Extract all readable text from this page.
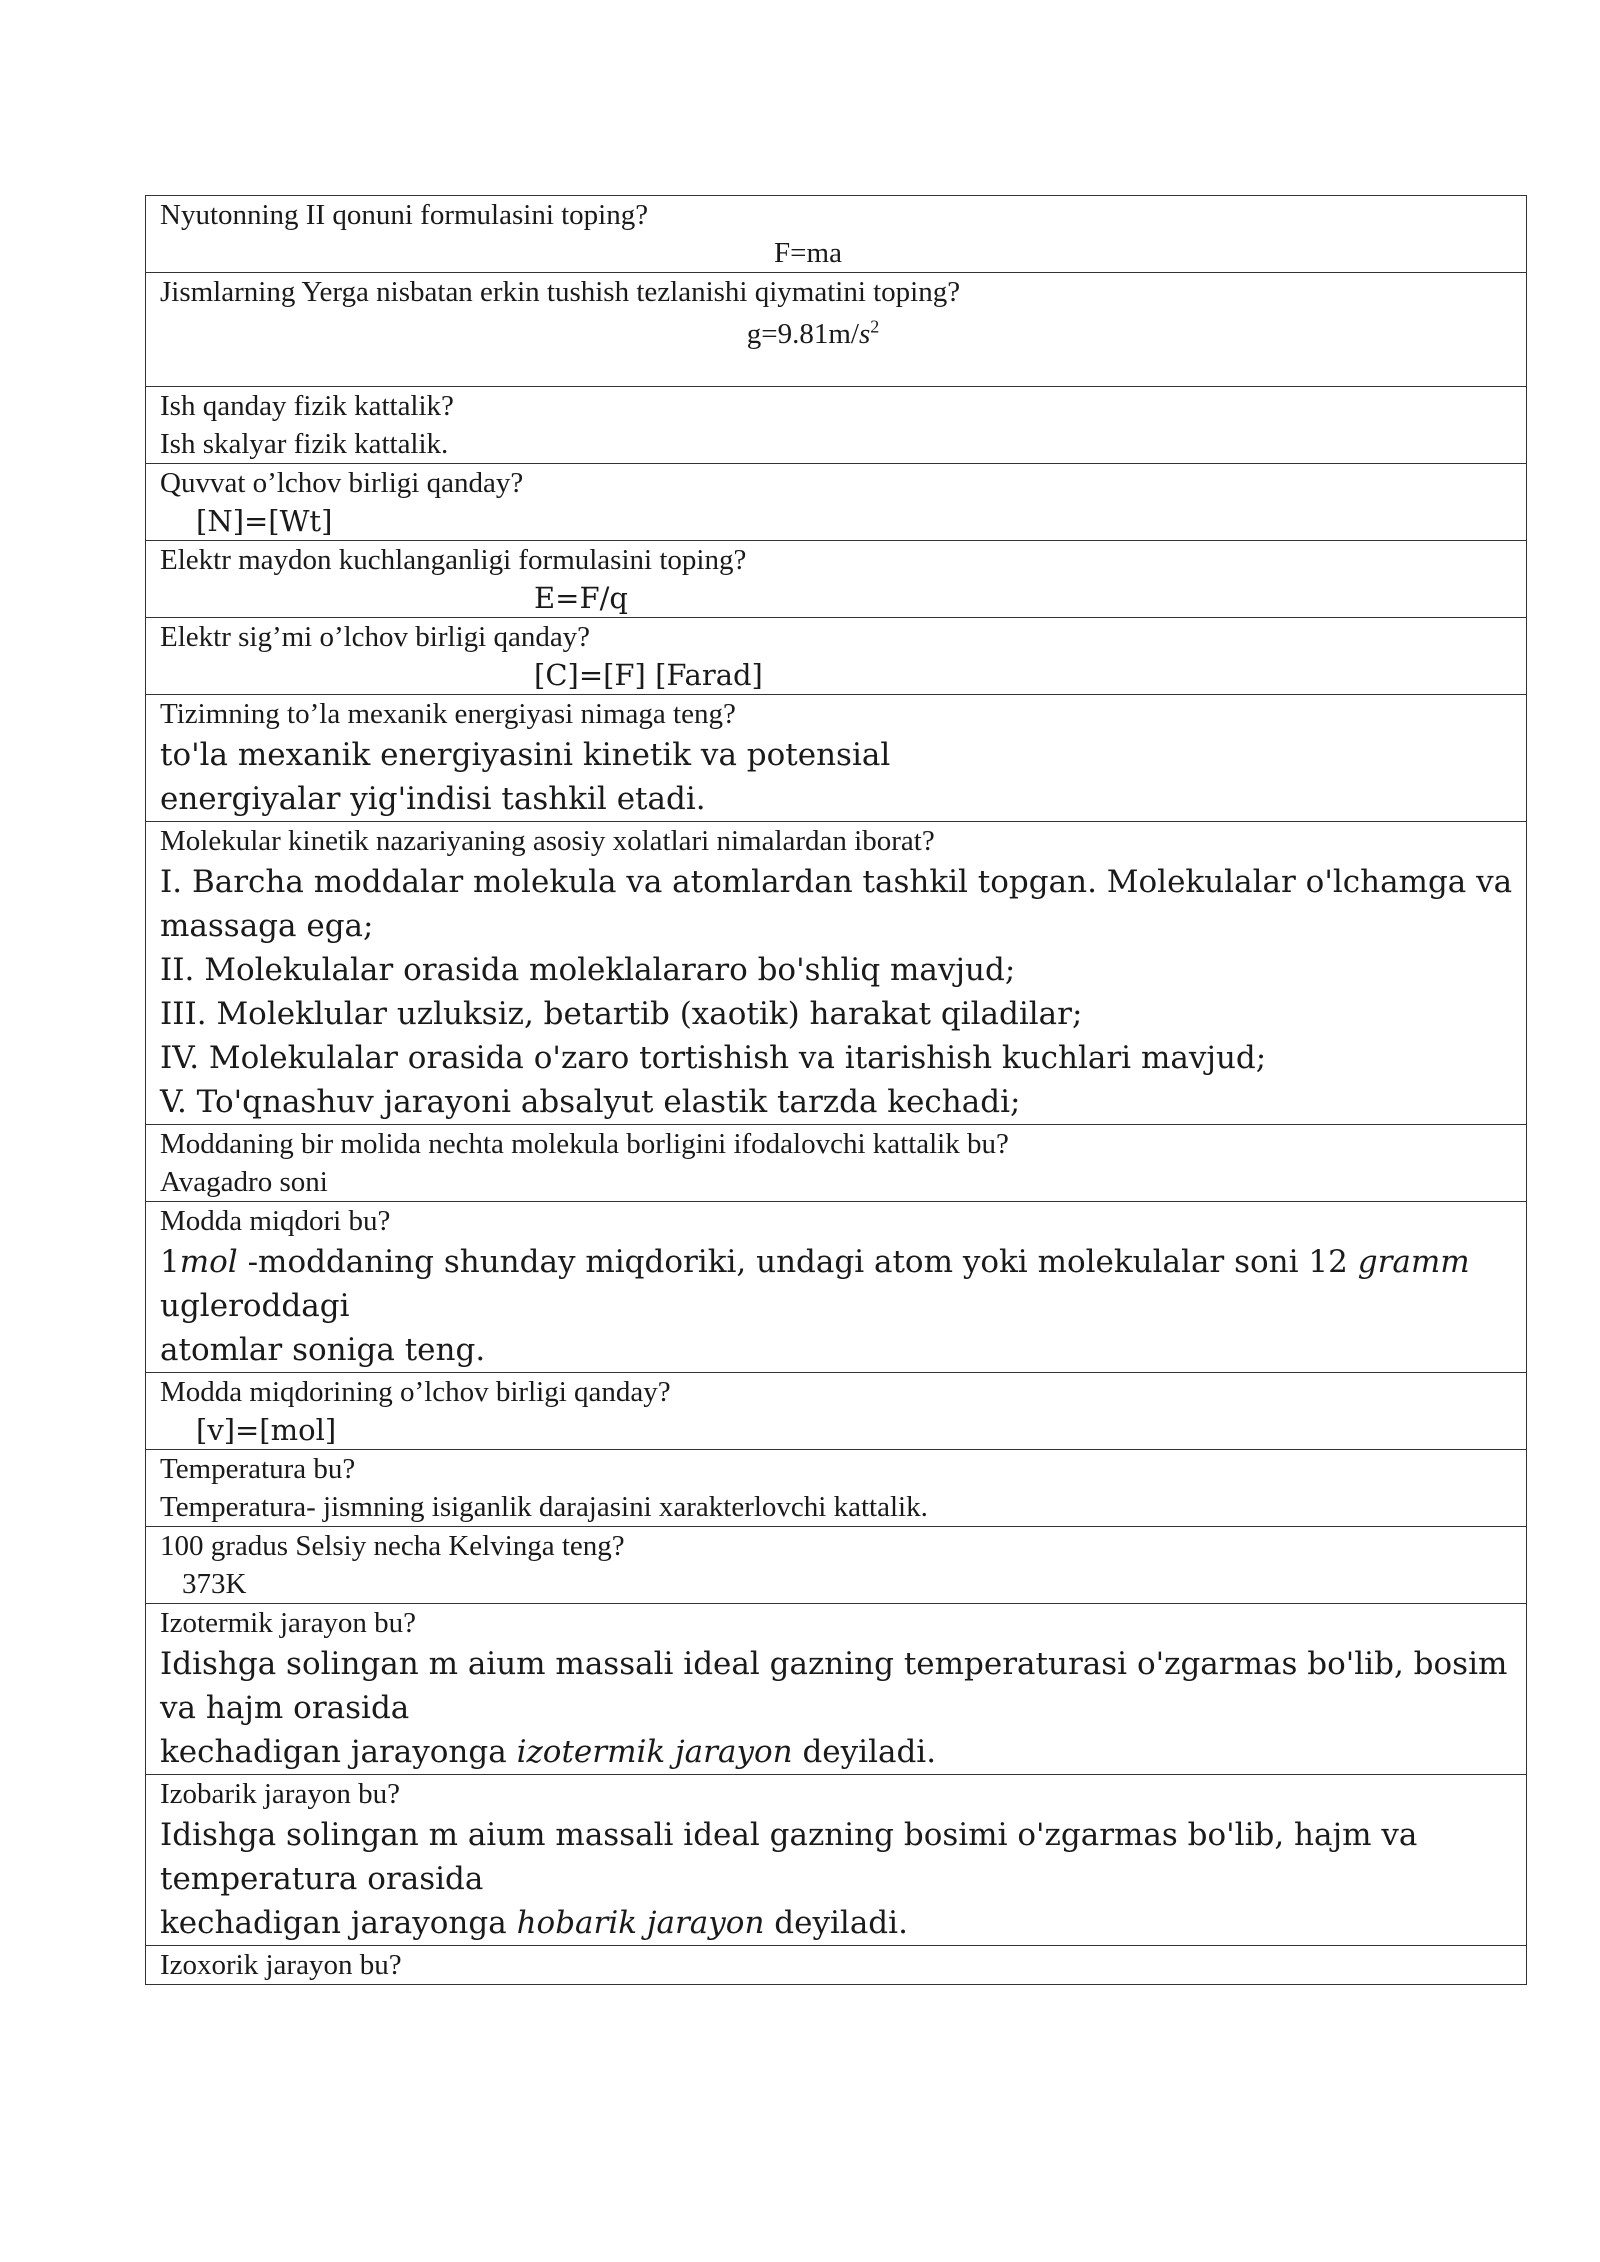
Nyutonning II qonuni formulasini toping?
F=ma
Jismlarning Yerga nisbatan erkin tushish tezlanishi qiymatini toping?
$g=9.81m/s^2$
Ish qanday fizik kattalik?
Ish skalyar fizik kattalik.
Quvvat o’lchov birligi qanday?
[N]=[Wt]
Elektr maydon kuchlanganligi formulasini toping?
E=F/q
Elektr sig’mi o’lchov birligi qanday?
[C]=[F] [Farad]
Tizimning to’la mexanik energiyasi nimaga teng?
to'la mexanik energiyasini kinetik va potensial
energiyalar yig'indisi tashkil etadi.
Molekular kinetik nazariyaning asosiy xolatlari nimalardan iborat?
I. Barcha moddalar molekula va atomlardan tashkil topgan. Molekulalar o'lchamga va
massaga ega;
II. Molekulalar orasida moleklalararo bo'shliq mavjud;
III. Moleklular uzluksiz, betartib (xaotik) harakat qiladilar;
IV. Molekulalar orasida o'zaro tortishish va itarishish kuchlari mavjud;
V. To'qnashuv jarayoni absalyut elastik tarzda kechadi;
Moddaning bir molida nechta molekula borligini ifodalovchi kattalik bu?
Avagadro soni
Modda miqdori bu?
1mol -moddaning shunday miqdoriki, undagi atom yoki molekulalar soni 12 gramm
ugleroddagi
atomlar soniga teng.
Modda miqdorining o’lchov birligi qanday?
[v]=[mol]
Temperatura bu?
Temperatura- jismning isiganlik darajasini xarakterlovchi kattalik.
100 gradus Selsiy necha Kelvinga teng?
373K
Izotermik jarayon bu?
Idishga solingan m aium massali ideal gazning temperaturasi o'zgarmas bo'lib, bosim
va hajm orasida
kechadigan jarayonga izotermik jarayon deyiladi.
Izobarik jarayon bu?
Idishga solingan m aium massali ideal gazning bosimi o'zgarmas bo'lib, hajm va
temperatura orasida
kechadigan jarayonga hobarik jarayon deyiladi.
Izoxorik jarayon bu?
